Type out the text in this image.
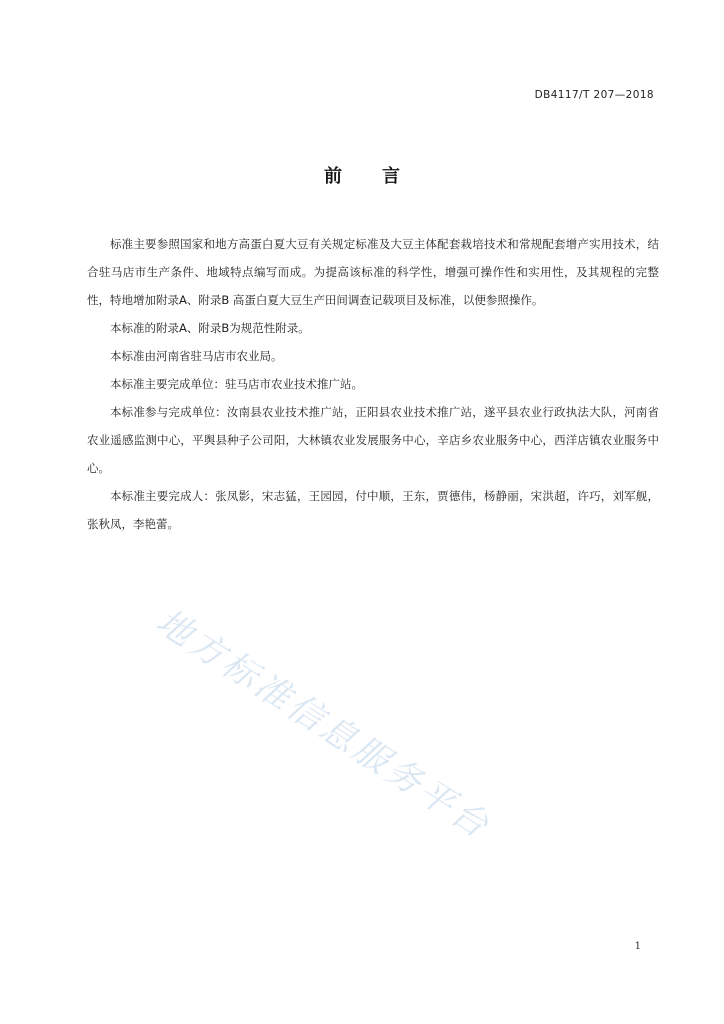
DB4117/T 207—2018
前言

标准主要参照国家和地方高蛋白夏大豆有关规定标准及大豆主体配套栽培技术和常规配套增产实用技术，结合驻马店市生产条件、地域特点编写而成。为提高该标准的科学性，增强可操作性和实用性，及其规程的完整性，特地增加附录A、附录B 高蛋白夏大豆生产田间调查记载项目及标准，以便参照操作。

本标准的附录A、附录B为规范性附录。

本标准由河南省驻马店市农业局。

本标准主要完成单位：驻马店市农业技术推广站。

本标准参与完成单位：汝南县农业技术推广站，正阳县农业技术推广站，遂平县农业行政执法大队，河南省农业遥感监测中心，平舆县种子公司阳，大林镇农业发展服务中心，辛店乡农业服务中心，西洋店镇农业服务中心。

本标准主要完成人：张凤影，宋志猛，王园园，付中顺，王东，贾德伟，杨静丽，宋洪超，许巧，刘军舰，张秋凤，李艳蕾。

地方标准信息服务平台
1
